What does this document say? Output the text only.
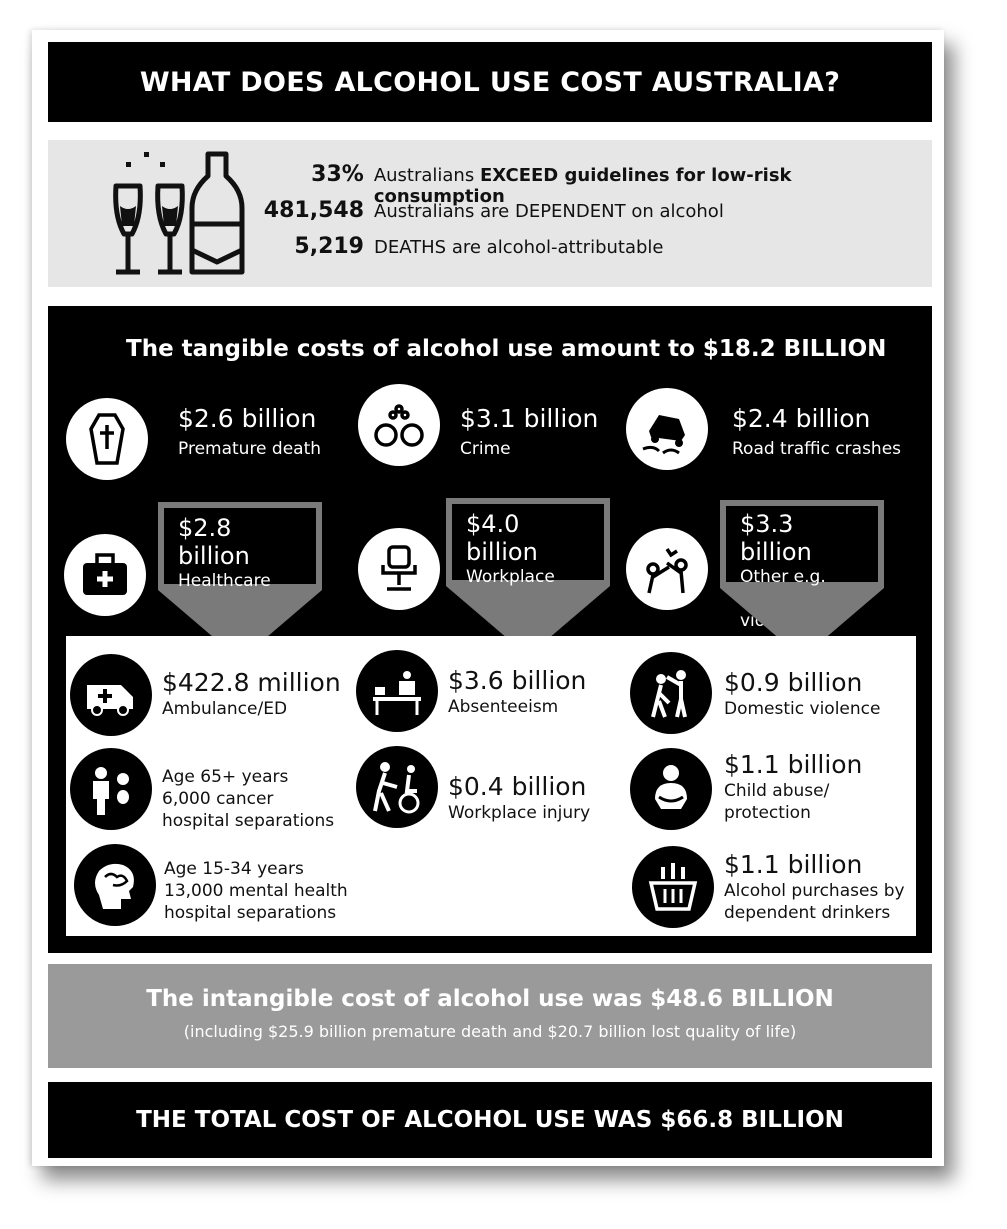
WHAT DOES ALCOHOL USE COST AUSTRALIA?
33% Australians EXCEED guidelines for low-risk consumption
481,548 Australians are DEPENDENT on alcohol
5,219 DEATHS are alcohol-attributable
The tangible costs of alcohol use amount to $18.2 BILLION
$2.6 billion
Premature death
$3.1 billion
Crime
$2.4 billion
Road traffic crashes
$2.8 billion
Healthcare
$4.0 billion
Workplace
$3.3 billion
Other e.g.
family violence
$422.8 million
Ambulance/ED
Age 65+ years
6,000 cancer
hospital separations
Age 15-34 years
13,000 mental health
hospital separations
$3.6 billion
Absenteeism
$0.4 billion
Workplace injury
$0.9 billion
Domestic violence
$1.1 billion
Child abuse/
protection
$1.1 billion
Alcohol purchases by
dependent drinkers
The intangible cost of alcohol use was $48.6 BILLION
(including $25.9 billion premature death and $20.7 billion lost quality of life)
THE TOTAL COST OF ALCOHOL USE WAS $66.8 BILLION
